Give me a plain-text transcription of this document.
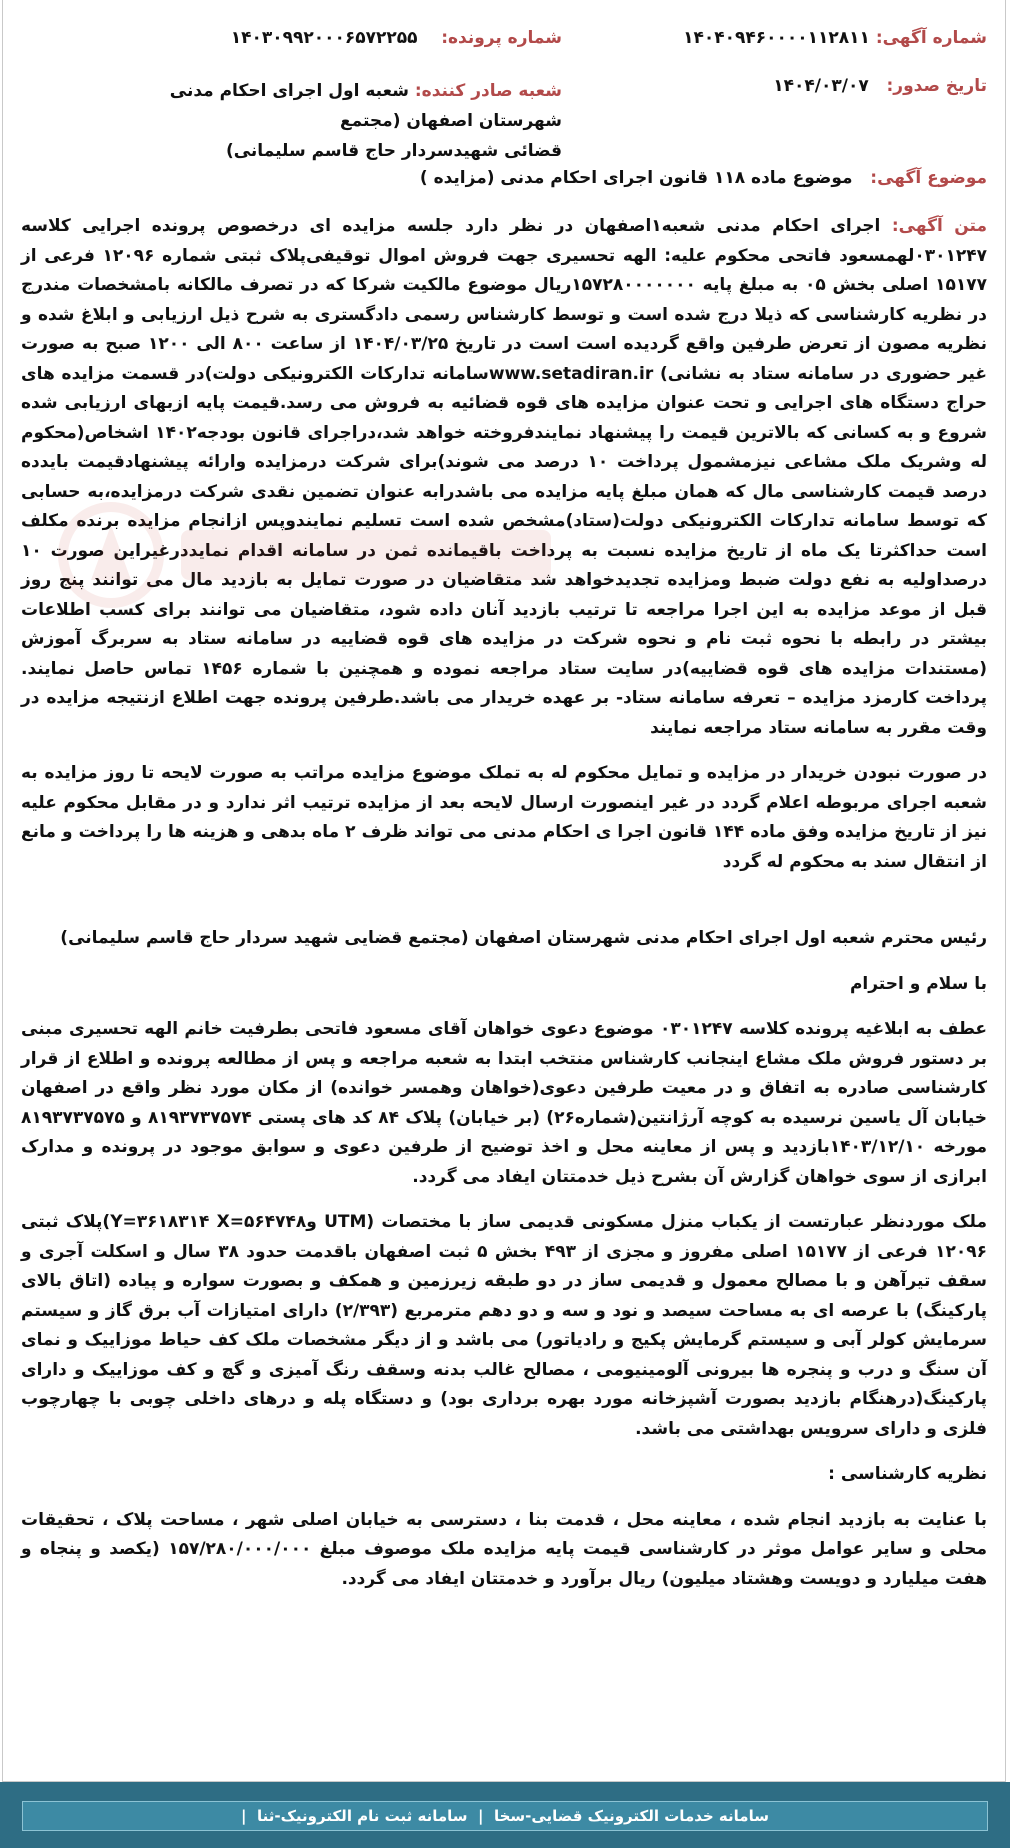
شماره آگهی: ۱۴۰۴۰۹۴۶۰۰۰۰۱۱۲۸۱۱
شماره پرونده:    ۱۴۰۳۰۹۹۲۰۰۰۶۵۷۲۲۵۵
تاریخ صدور:   ۱۴۰۴/۰۳/۰۷
شعبه صادر کننده: شعبه اول اجرای احکام مدنی شهرستان اصفهان (مجتمع
قضائی شهیدسردار حاج قاسم سلیمانی)
موضوع آگهی:   موضوع ماده ۱۱۸ قانون اجرای احکام مدنی (مزایده )

متن آگهی: اجرای احکام مدنی شعبه۱اصفهان در نظر دارد جلسه مزایده ای درخصوص پرونده اجرایی کلاسه ۰۳۰۱۲۴۷لهمسعود فاتحی محکوم علیه: الهه تحسیری جهت فروش اموال توقیفی‌پلاک ثبتی شماره ۱۲۰۹۶ فرعی از ۱۵۱۷۷ اصلی بخش ۰۵ به مبلغ پایه ۱۵۷۲۸۰۰۰۰۰۰۰ریال موضوع مالکیت شرکا که در تصرف مالکانه بامشخصات مندرج در نظریه کارشناسی که ذیلا درج شده است و توسط کارشناس رسمی دادگستری به شرح ذیل ارزیابی و ابلاغ شده و نظریه مصون از تعرض طرفین واقع گردیده است است در تاریخ ۱۴۰۴/۰۳/۲۵ از ساعت ۸۰۰ الی ۱۲۰۰ صبح به صورت غیر حضوری در سامانه ستاد به نشانی) www.setadiran.irسامانه تدارکات الکترونیکی دولت)در قسمت مزایده های حراج دستگاه های اجرایی و تحت عنوان مزایده های قوه قضائیه به فروش می رسد.قیمت پایه ازبهای ارزیابی شده شروع و به کسانی که بالاترین قیمت را پیشنهاد نمایندفروخته خواهد شد،دراجرای قانون بودجه۱۴۰۲ اشخاص(محکوم له وشریک ملک مشاعی نیزمشمول پرداخت ۱۰ درصد می شوند)برای شرکت درمزایده وارائه پیشنهادقیمت بایدده درصد قیمت کارشناسی مال که همان مبلغ پایه مزایده می باشدرابه عنوان تضمین نقدی شرکت درمزایده،به حسابی که توسط سامانه تدارکات الکترونیکی دولت(ستاد)مشخص شده است تسلیم نمایندوپس ازانجام مزایده برنده مکلف است حداکثرتا یک ماه از تاریخ مزایده نسبت به پرداخت باقیمانده ثمن در سامانه اقدام نمایددرغیراین صورت ۱۰ درصداولیه به نفع دولت ضبط ومزایده تجدیدخواهد شد متقاضیان در صورت تمایل به بازدید مال می توانند پنج روز قبل از موعد مزایده به این اجرا مراجعه تا ترتیب بازدید آنان داده شود، متقاضیان می توانند برای کسب اطلاعات بیشتر در رابطه با نحوه ثبت نام و نحوه شرکت در مزایده های قوه قضاییه در سامانه ستاد به سربرگ آموزش (مستندات مزایده های قوه قضاییه)در سایت ستاد مراجعه نموده و همچنین با شماره ۱۴۵۶ تماس حاصل نمایند. پرداخت کارمزد مزایده – تعرفه سامانه ستاد- بر عهده خریدار می باشد.طرفین پرونده جهت اطلاع ازنتیجه مزایده در وقت مقرر به سامانه ستاد مراجعه نمایند

در صورت نبودن خریدار در مزایده و تمایل محکوم له به تملک موضوع مزایده مراتب به صورت لایحه تا روز مزایده به شعبه اجرای مربوطه اعلام گردد در غیر اینصورت ارسال لایحه بعد از مزایده ترتیب اثر ندارد و در مقابل محکوم علیه نیز از تاریخ مزایده وفق ماده ۱۴۴ قانون اجرا ی احکام مدنی می تواند ظرف ۲ ماه بدهی و هزینه ها را پرداخت و مانع از انتقال سند به محکوم له گردد

رئیس محترم شعبه اول اجرای احکام مدنی شهرستان اصفهان (مجتمع قضایی شهید سردار حاج قاسم سلیمانی)

با سلام و احترام

عطف به ابلاغیه پرونده کلاسه ۰۳۰۱۲۴۷ موضوع دعوی خواهان آقای مسعود فاتحی بطرفیت خانم الهه تحسیری مبنی بر دستور فروش ملک مشاع اینجانب کارشناس منتخب ابتدا به شعبه مراجعه و پس از مطالعه پرونده و اطلاع از قرار کارشناسی صادره به اتفاق و در معیت طرفین دعوی(خواهان وهمسر خوانده) از مکان مورد نظر واقع در اصفهان خیابان آل یاسین نرسیده به کوچه آرژانتین(شماره۲۶) (بر خیابان) پلاک ۸۴ کد های پستی ۸۱۹۳۷۳۷۵۷۴ و ۸۱۹۳۷۳۷۵۷۵ مورخه ۱۴۰۳/۱۲/۱۰بازدید و پس از معاینه محل و اخذ توضیح از طرفین دعوی و سوابق موجود در پرونده و مدارک ابرازی از سوی خواهان گزارش آن بشرح ذیل خدمتتان ایفاد می گردد.

ملک مورد‌نظر عبارتست از یکباب منزل مسکونی قدیمی ساز با مختصات (UTM وY=۳۶۱۸۳۱۴ X=۵۶۴۷۴۸)پلاک ثبتی ۱۲۰۹۶ فرعی از ۱۵۱۷۷ اصلی مفروز و مجزی از ۴۹۳ بخش ۵ ثبت اصفهان باقدمت حدود ۳۸ سال و اسکلت آجری و سقف تیرآهن و با مصالح معمول و قدیمی ساز در دو طبقه زیرزمین و همکف و بصورت سواره و پیاده (اتاق بالای پارکینگ) با عرصه ای به مساحت سیصد و نود و سه و دو دهم مترمربع (۲/۳۹۳) دارای امتیازات آب برق گاز و سیستم سرمایش کولر آبی و سیستم گرمایش پکیج و رادیاتور) می باشد و از دیگر مشخصات ملک کف حیاط موزاییک و نمای آن سنگ و درب و پنجره ها بیرونی آلومینیومی ، مصالح غالب بدنه وسقف رنگ آمیزی و گچ و کف موزاییک و دارای پارکینگ(درهنگام بازدید بصورت آشپزخانه مورد بهره برداری بود) و دستگاه پله و درهای داخلی چوبی با چهارچوب فلزی و دارای سرویس بهداشتی می باشد.

نظریه کارشناسی :

با عنایت به بازدید انجام شده ، معاینه محل ، قدمت بنا ، دسترسی به خیابان اصلی شهر ، مساحت پلاک ، تحقیقات محلی و سایر عوامل موثر در کارشناسی قیمت پایه مزایده ملک موصوف مبلغ ۱۵۷/۲۸۰/۰۰۰/۰۰۰ (یکصد و پنجاه و هفت میلیارد و دویست وهشتاد میلیون) ریال برآورد و خدمتتان ایفاد می گردد.

سامانه خدمات الکترونیک قضایی-سخا  |  سامانه ثبت نام الکترونیک-ثنا  |
